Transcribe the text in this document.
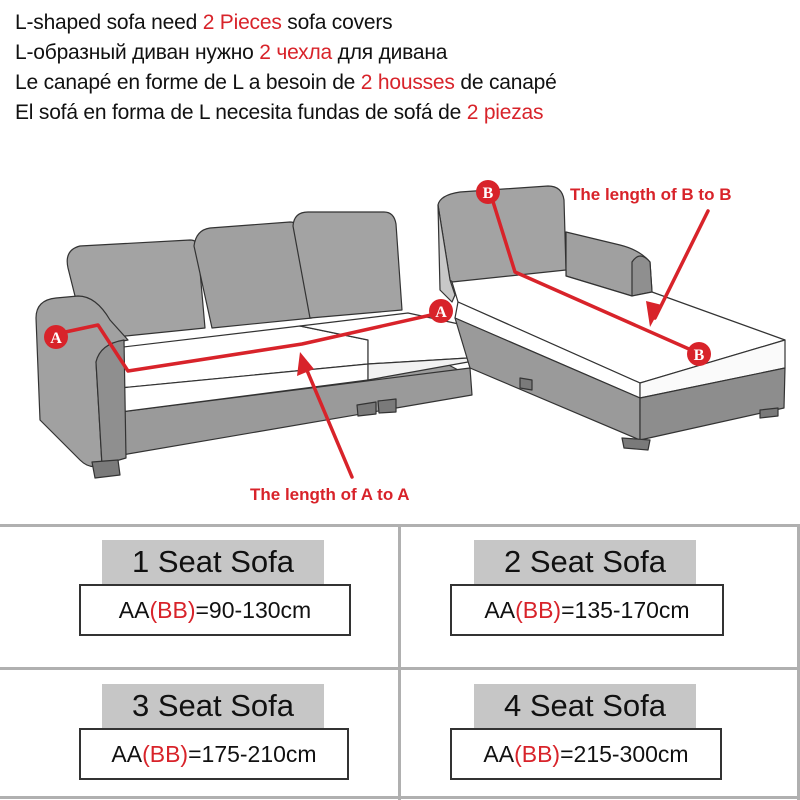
L-shaped sofa need 2 Pieces sofa covers
L-образный диван нужно 2 чехла для дивана
Le canapé en forme de L a besoin de 2 housses de canapé
El sofá en forma de L necesita fundas de sofá de 2 piezas
A
A
B
B
The length of A to A
The length of B to B
1 Seat Sofa
AA(BB)=90-130cm
2 Seat Sofa
AA(BB)=135-170cm
3 Seat Sofa
AA(BB)=175-210cm
4 Seat Sofa
AA(BB)=215-300cm
